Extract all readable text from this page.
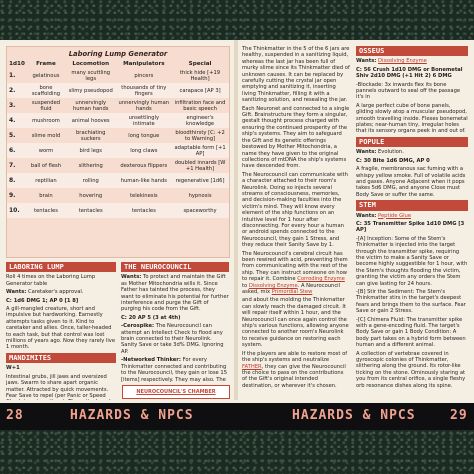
Laboring Lump Generator
1d10	Frame	Locomotion	Manipulators	Special
1.	gelatinous	many scuttling legs	pincers	thick hide [+19 Health]
2.	bone scaffolding	slimy pseudopod	thousands of tiny fingers	carapace [AP 3]
3.	suspended fluid	unnervingly human hands	unnervingly human hands	infiltration face and basic speech
4.	mushroom	animal hooves	unsettlingly intimate	engineer's knowledge
5.	slime mold	brachiating suckers	long tongue	bloodthirsty [C: +2 to Warning]
6.	worm	bird legs	long claws	adaptable form [+1 AP]
7.	ball of flesh	slithering	dexterous flippers	doubled innards [W +1 Health]
8.	reptilian	rolling	human-like hands	regenerative [1d6]
9.	brain	hovering	telekinesis	hypnosis
10.	tentacles	tentacles	tentacles	spaceworthy
LABORING LUMP

Roll 4 times on the Laboring Lump Generator table

Wants: Caretaker's approval.

C: 1d6 DMG 1; AP 0 [1 8]

A gill-mangled creature, short and impulsive but hardworking. Earnestly attempts tasks given to it. Kind to caretaker and allies. Once, taller-headed to each task, but that control was lost millions of years ago. Now they rarely live 1 month.

MANDIMITES

W+1

Intestinal grubs, jill jaws and oversized jaws. Swarm to share apart organic matter. Attracted by quick movements. Fear Save to repel (per Panic or Speed

THE NEUROCOUNCIL

Wants: To protect and maintain the Gift as Mother Mitochondria wills it. Since Father has tainted the process, they want to eliminate his potential for further interference and purge the Gift of purging his code from the Gift.

C: 20 AP 5 (3 at 4th)

-Cerospike: The Neurocouncil can attempt an Intellect Check to flood any brain connected to their Neurolink. Sanity Save or take 3d% DMG. Ignoring AP.

-Networked Thinker: For every Thinkmatter connected and contributing to the Neurocouncil, they gain or lose 15 [items] respectively. They may also. The

NEUROCOUNCIL'S CHAMBER

The Thinkmatter in the 5 of the 6 jars are healthy, suspended in a sanitizing liquid, whereas the last jar has been full of murky slime since its Thinkmatter died of unknown causes. It can be replaced by carefully cutting the crystal jar open emptying and sanitizing it, inserting living Thinkmatter, filling it with a sanitizing solution, and resealing the jar.

Each Neuronet and connected to a single Gift. Brainstructure they form a singular, gestalt thought process charged with ensuring the continued prosperity of the ship's systems. They aim to safeguard the Gift and its genetic offerings bestowed by Mother Mitochondria, a name they have given to the original collections of mtDNA the ship's systems have descended from.

The Neurocouncil can communicate with a character attached to their room's Neurolink. Doing so injects several streams of consciousness, memories, and decision-making faculties into the victim's mind. They will know every element of the ship functions on an intuitive level for 1 hour after disconnecting. For every hour a human or android spends connected to the Neurocouncil, they gain 1 Stress, and they reduce their Sanity Save by 1.

The Neurocouncil's cerebral circuit has been rewired with acid, preventing them from communicating with the rest of the ship. They can instruct someone on how to repair it. Combine Corroding Enzyme to Dissolving Enzyme. A Neurocouncil asked, mix Primordial Stew

and about the molding the Thinkmatter can slowly reach the damaged circuit. It will repair itself within 1 hour, and the Neurocouncil can once again control the ship's various functions, allowing anyone connected to another room's Neurolink to receive guidance on restoring each system.

If the players are able to restore most of the ship's systems and neutralize FATHER, they can give the Neurocouncil the choice to pass on the contributions of the Gift's original intended destination, or wherever it's chosen.

OSSEUS

Wants: Dissolving Enzyme

C: 56 Crush 1d10 DMG or Bonemetal Shiv 2d10 DMG (+1 Hit 2) 6 DMG

-Blockade: 3x inwards flex its bone pannels outward to seal off the passage it's in

A large perfect cube of bone panels, gliding slowly atop a muscular pseudopod, smooth travelling inside. Flexes bonemetal plates; near-human tiny, irregular holes that its sensory organs peek in and out of.

POPULE

Wants: Evolution.

C: 30 Bite 1d6 DMG, AP 0

A fragile, membranous sac fuming with a whispy yellow smoke. Full of volatile acids and gases. Anyone Adjacent when it pops takes 5d6 DMG, and anyone Close must Body Save or suffer the same.

STEM

Wants: Peptide Glue

C: 35 Transmitter Spike 1d10 DMG [3 AP]

-[A] Inception: Some of the Stem's Thinkmatter is injected into the target through the transmitter spike, requiring the victim to make a Sanity Save or become highly suggestible for 1 hour, with the Stem's thoughts flooding the victim, granting the victim any orders the Stem can give lasting for 24 hours.

-[B] Stir the Sediment: The Stem's Thinkmatter stirs in the target's deepest fears and brings them to the surface. Fear Save or gain 2 Stress.

-[C] Chimera Fluid: The transmitter spike with a gene-encoding fluid. The target's Body Save or gain 1 Body Condition: A body part takes on a hybrid form between human and a different animal.

A collection of vertebrae covered in gyroscopic colonies of Thinkmatter, slithering along the ground. Its rotor-like ticking on the stone. Ominously staring at you from its central orifice, a single fleshy orb resonance dishes along its spine.

28	HAZARDS & NPCS	HAZARDS & NPCS	29
